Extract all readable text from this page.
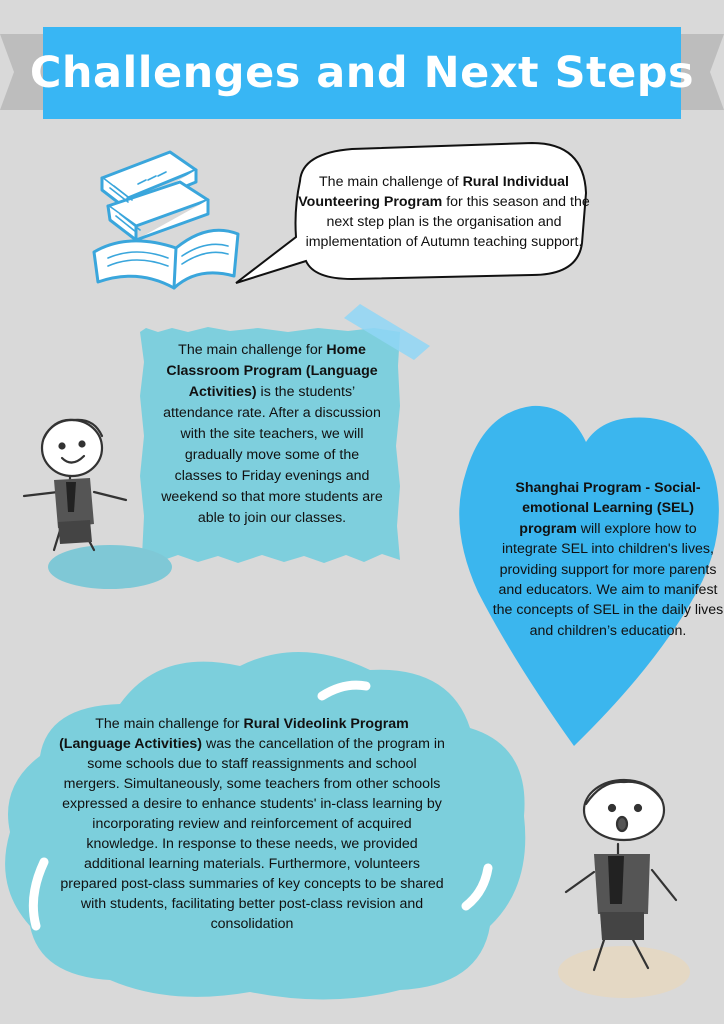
Challenges and Next Steps
The main challenge of Rural Individual Vounteering Program for this season and the next step plan is the organisation and implementation of Autumn teaching support.
The main challenge for Home Classroom Program (Language Activities) is the students’ attendance rate. After a discussion with the site teachers, we will gradually move some of the classes to Friday evenings and weekend so that more students are able to join our classes.
Shanghai Program - Social-emotional Learning (SEL) program will explore how to integrate SEL into children's lives, providing support for more parents and educators. We aim to manifest the concepts of SEL in the daily lives and children’s education.
The main challenge for Rural Videolink Program (Language Activities) was the cancellation of the program in some schools due to staff reassignments and school mergers. Simultaneously, some teachers from other schools expressed a desire to enhance students' in-class learning by incorporating review and reinforcement of acquired knowledge. In response to these needs, we provided additional learning materials. Furthermore, volunteers prepared post-class summaries of key concepts to be shared with students, facilitating better post-class revision and consolidation
